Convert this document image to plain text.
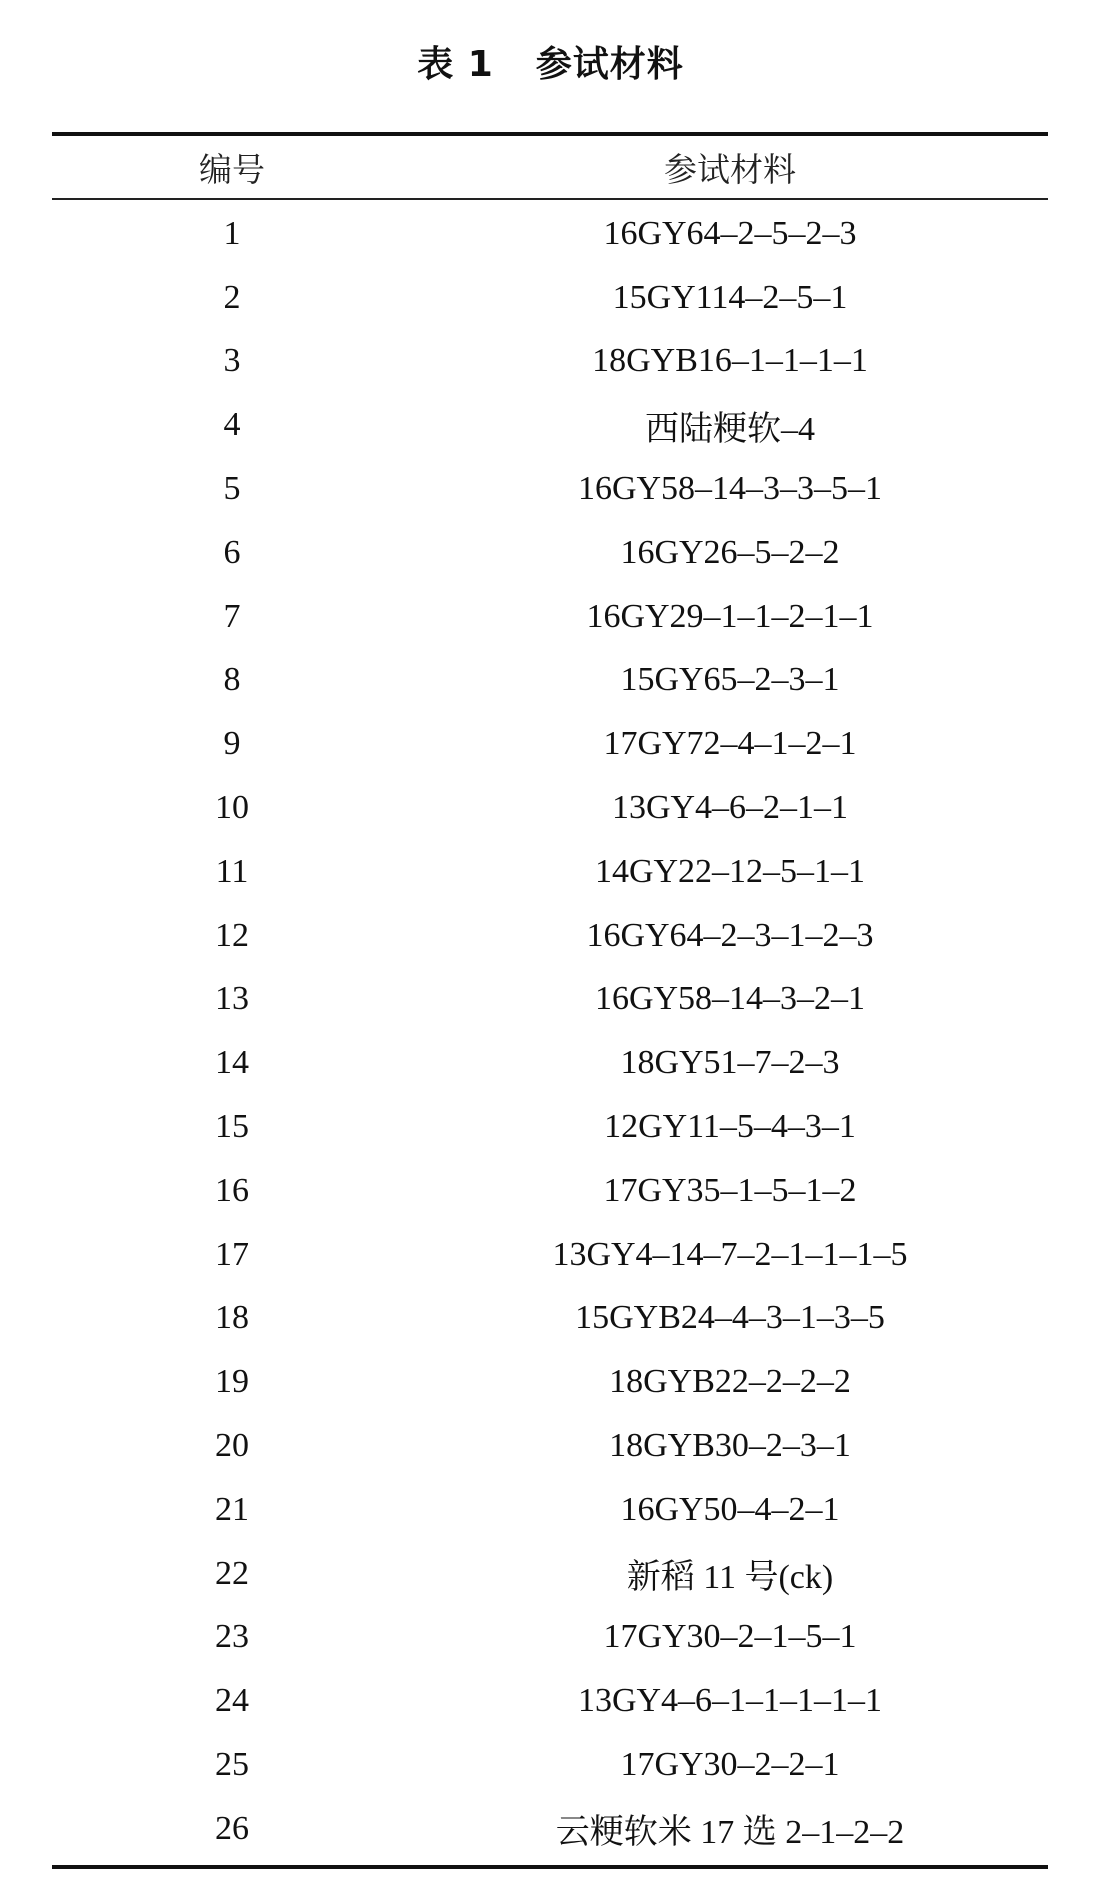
表 1 参试材料
编号	参试材料
1	16GY64–2–5–2–3
2	15GY114–2–5–1
3	18GYB16–1–1–1–1
4	西陆粳软–4
5	16GY58–14–3–3–5–1
6	16GY26–5–2–2
7	16GY29–1–1–2–1–1
8	15GY65–2–3–1
9	17GY72–4–1–2–1
10	13GY4–6–2–1–1
11	14GY22–12–5–1–1
12	16GY64–2–3–1–2–3
13	16GY58–14–3–2–1
14	18GY51–7–2–3
15	12GY11–5–4–3–1
16	17GY35–1–5–1–2
17	13GY4–14–7–2–1–1–1–5
18	15GYB24–4–3–1–3–5
19	18GYB22–2–2–2
20	18GYB30–2–3–1
21	16GY50–4–2–1
22	新稻 11 号(ck)
23	17GY30–2–1–5–1
24	13GY4–6–1–1–1–1–1
25	17GY30–2–2–1
26	云粳软米 17 选 2–1–2–2
